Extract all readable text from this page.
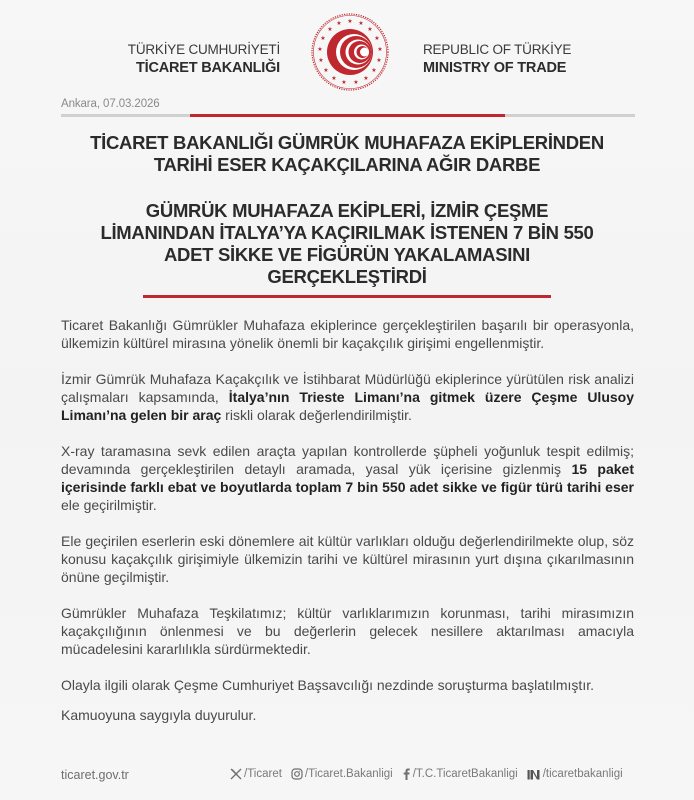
TÜRKİYE CUMHURİYETİ
TİCARET BAKANLIĞI
★ ★
★
★
★
★
★
★
★
★
★
★
★
★
★
★
★
★	REPUBLIC OF TÜRKİYE
MINISTRY OF TRADE
Ankara, 07.03.2026
TİCARET BAKANLIĞI GÜMRÜK MUHAFAZA EKİPLERİNDEN
TARİHİ ESER KAÇAKÇILARINA AĞIR DARBE
GÜMRÜK MUHAFAZA EKİPLERİ, İZMİR ÇEŞME LİMANINDAN İTALYA’YA KAÇIRILMAK İSTENEN 7 BİN 550 ADET SİKKE VE FİGÜRÜN YAKALAMASINI GERÇEKLEŞTİRDİ

Ticaret Bakanlığı Gümrükler Muhafaza ekiplerince gerçekleştirilen başarılı bir operasyonla, ülkemizin kültürel mirasına yönelik önemli bir kaçakçılık girişimi engellenmiştir.

İzmir Gümrük Muhafaza Kaçakçılık ve İstihbarat Müdürlüğü ekiplerince yürütülen risk analizi çalışmaları kapsamında, İtalya’nın Trieste Limanı’na gitmek üzere Çeşme Ulusoy Limanı’na gelen bir araç riskli olarak değerlendirilmiştir.

X-ray taramasına sevk edilen araçta yapılan kontrollerde şüpheli yoğunluk tespit edilmiş; devamında gerçekleştirilen detaylı aramada, yasal yük içerisine gizlenmiş 15 paket içerisinde farklı ebat ve boyutlarda toplam 7 bin 550 adet sikke ve figür türü tarihi eser ele geçirilmiştir.

Ele geçirilen eserlerin eski dönemlere ait kültür varlıkları olduğu değerlendirilmekte olup, söz konusu kaçakçılık girişimiyle ülkemizin tarihi ve kültürel mirasının yurt dışına çıkarılmasının önüne geçilmiştir.

Gümrükler Muhafaza Teşkilatımız; kültür varlıklarımızın korunması, tarihi mirasımızın kaçakçılığının önlenmesi ve bu değerlerin gelecek nesillere aktarılması amacıyla mücadelesini kararlılıkla sürdürmektedir.

Olayla ilgili olarak Çeşme Cumhuriyet Başsavcılığı nezdinde soruşturma başlatılmıştır.

Kamuoyuna saygıyla duyurulur.

ticaret.gov.tr	/Ticaret /Ticaret.Bakanligi /T.C.TicaretBakanligi /ticaretbakanligi
